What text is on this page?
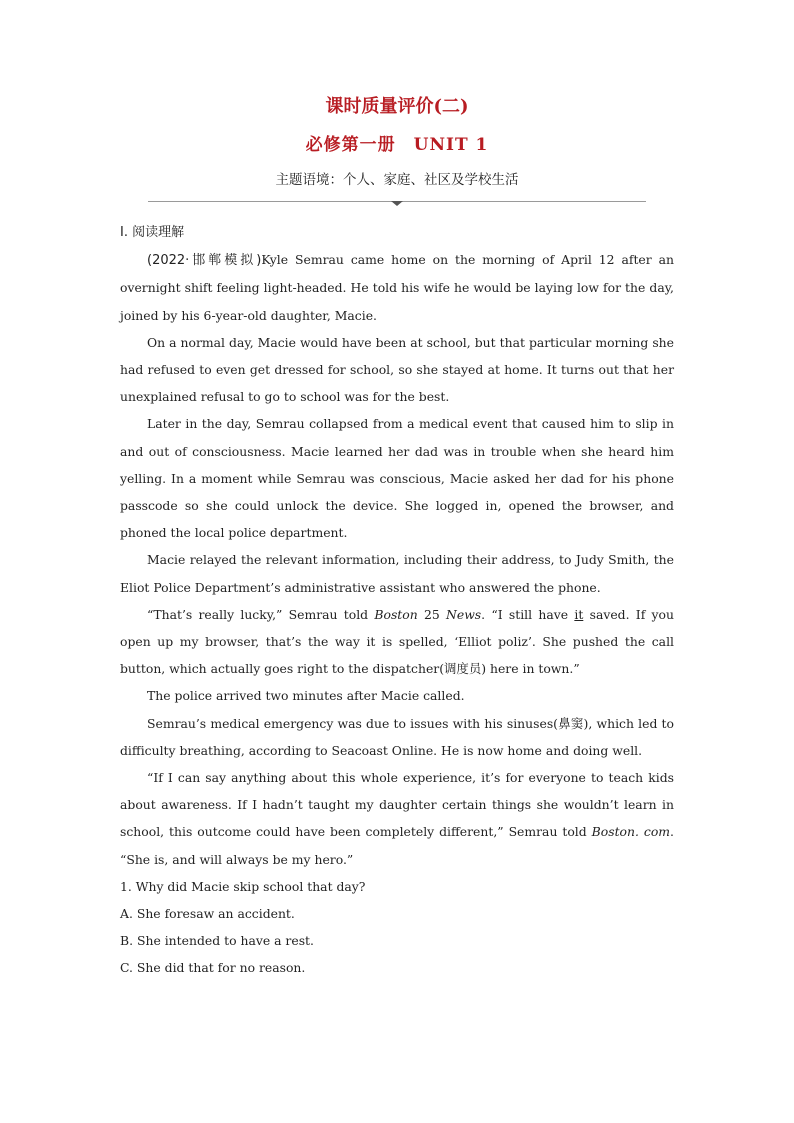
课时质量评价(二)

必修第一册 UNIT 1

主题语境：个人、家庭、社区及学校生活

Ⅰ. 阅读理解

(2022·邯郸模拟)Kyle Semrau came home on the morning of April 12 after an overnight shift feeling light-headed. He told his wife he would be laying low for the day, joined by his 6-year-old daughter, Macie.

On a normal day, Macie would have been at school, but that particular morning she had refused to even get dressed for school, so she stayed at home. It turns out that her unexplained refusal to go to school was for the best.

Later in the day, Semrau collapsed from a medical event that caused him to slip in and out of consciousness. Macie learned her dad was in trouble when she heard him yelling. In a moment while Semrau was conscious, Macie asked her dad for his phone passcode so she could unlock the device. She logged in, opened the browser, and phoned the local police department.

Macie relayed the relevant information, including their address, to Judy Smith, the Eliot Police Department’s administrative assistant who answered the phone.

“That’s really lucky,” Semrau told Boston 25 News. “I still have it saved. If you open up my browser, that’s the way it is spelled, ‘Elliot poliz’. She pushed the call button, which actually goes right to the dispatcher(调度员) here in town.”

The police arrived two minutes after Macie called.

Semrau’s medical emergency was due to issues with his sinuses(鼻窦), which led to difficulty breathing, according to Seacoast Online. He is now home and doing well.

“If I can say anything about this whole experience, it’s for everyone to teach kids about awareness. If I hadn’t taught my daughter certain things she wouldn’t learn in school, this outcome could have been completely different,” Semrau told Boston. com. “She is, and will always be my hero.”

1. Why did Macie skip school that day?

A. She foresaw an accident.

B. She intended to have a rest.

C. She did that for no reason.
